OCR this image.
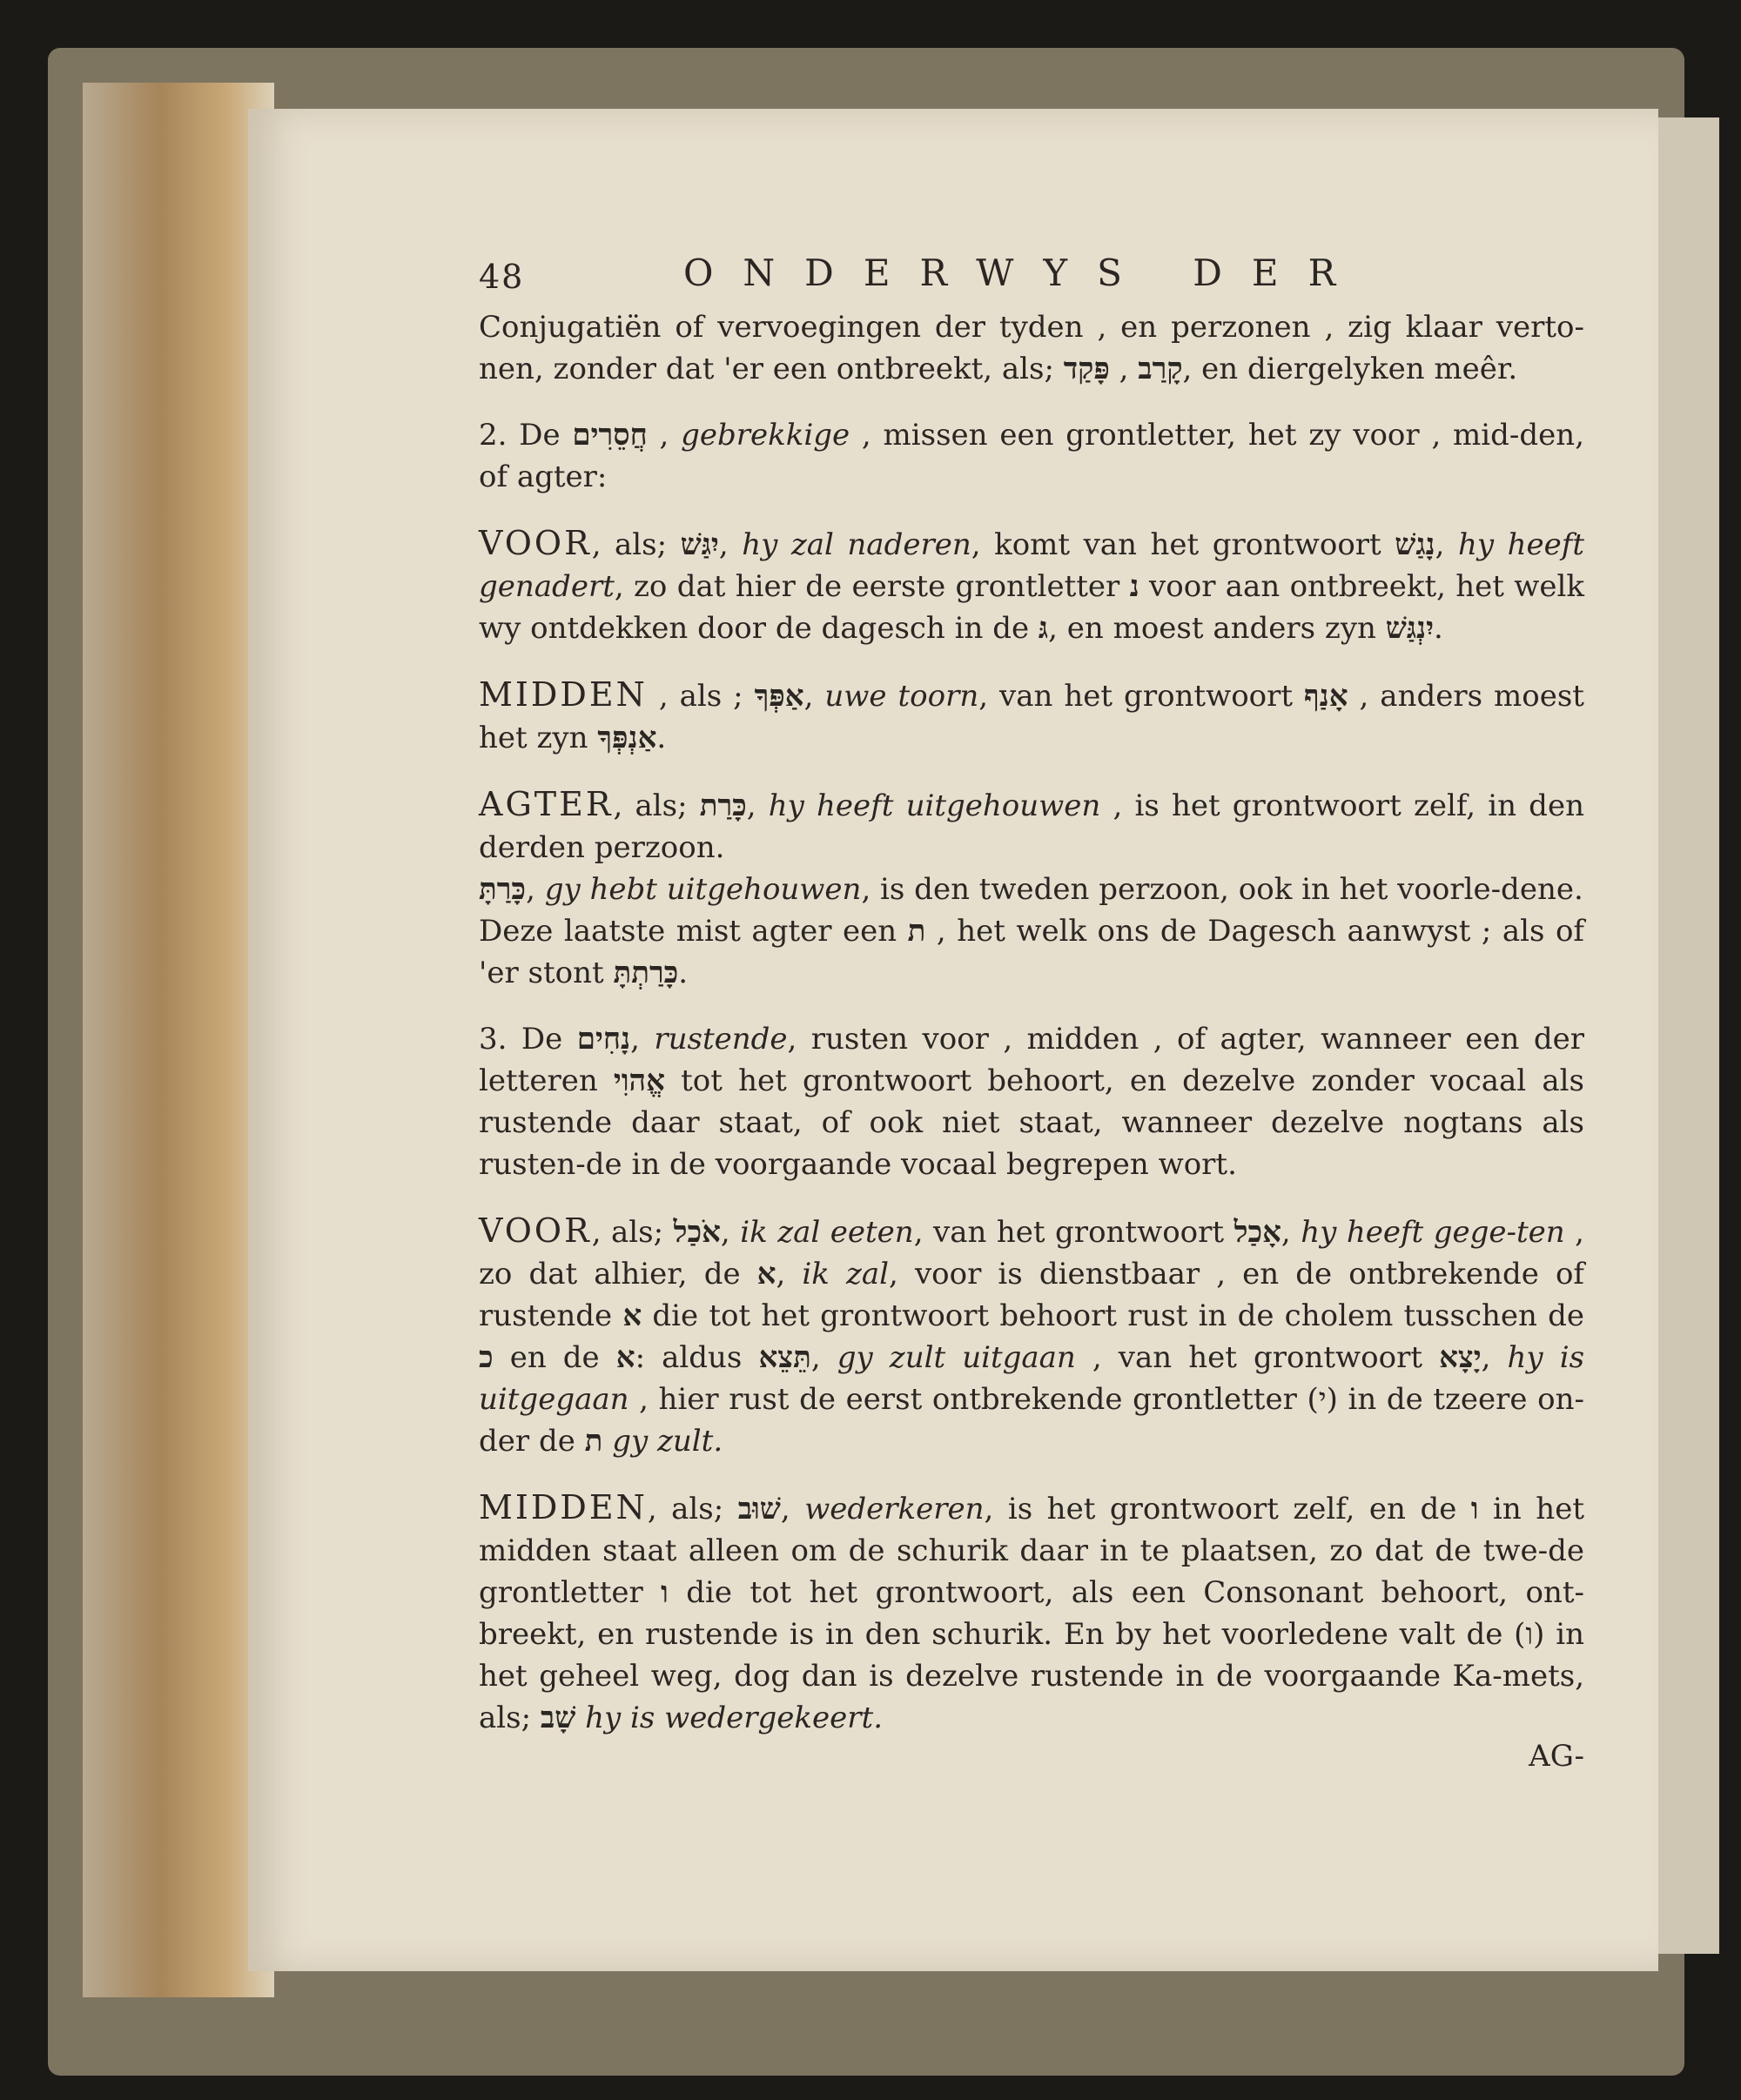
48	ONDERWYS DER

Conjugatiën of vervoegingen der tyden , en perzonen , zig klaar verto-nen, zonder dat 'er een ontbreekt, als; פָּקַד , קָרַב, en diergelyken meêr.

2. De חֲסֵרִים , gebrekkige , missen een grontletter, het zy voor , mid-den, of agter:

VOOR, als; יִגַּשׁ, hy zal naderen, komt van het grontwoort נָגַשׁ, hy heeft genadert, zo dat hier de eerste grontletter נ voor aan ontbreekt, het welk wy ontdekken door de dagesch in de גּ, en moest anders zyn יִנְגַּשׁ.

MIDDEN , als ; אַפְּךָ, uwe toorn, van het grontwoort אָנַף , anders moest het zyn אַנְפְּךָ.

AGTER, als; כָּרַת, hy heeft uitgehouwen , is het grontwoort zelf, in den derden perzoon.

כָּרַתָּ, gy hebt uitgehouwen, is den tweden perzoon, ook in het voorle-dene.

Deze laatste mist agter een ת , het welk ons de Dagesch aanwyst ; als of 'er stont כָּרַתְתָּ.

3. De נָחִים, rustende, rusten voor , midden , of agter, wanneer een der letteren אֱהוִי tot het grontwoort behoort, en dezelve zonder vocaal als rustende daar staat, of ook niet staat, wanneer dezelve nogtans als rusten-de in de voorgaande vocaal begrepen wort.

VOOR, als; אֹכַל, ik zal eeten, van het grontwoort אָכַל, hy heeft gege-ten , zo dat alhier, de א, ik zal, voor is dienstbaar , en de ontbrekende of rustende א die tot het grontwoort behoort rust in de cholem tusschen de כ en de א: aldus תֵּצֵא, gy zult uitgaan , van het grontwoort יָצָא, hy is uitgegaan , hier rust de eerst ontbrekende grontletter (י) in de tzeere on-der de ת gy zult.

MIDDEN, als; שׁוּב, wederkeren, is het grontwoort zelf, en de ו in het midden staat alleen om de schurik daar in te plaatsen, zo dat de twe-de grontletter ו die tot het grontwoort, als een Consonant behoort, ont-breekt, en rustende is in den schurik. En by het voorledene valt de (ו) in het geheel weg, dog dan is dezelve rustende in de voorgaande Ka-mets, als; שָׁב hy is wedergekeert.

AG-
